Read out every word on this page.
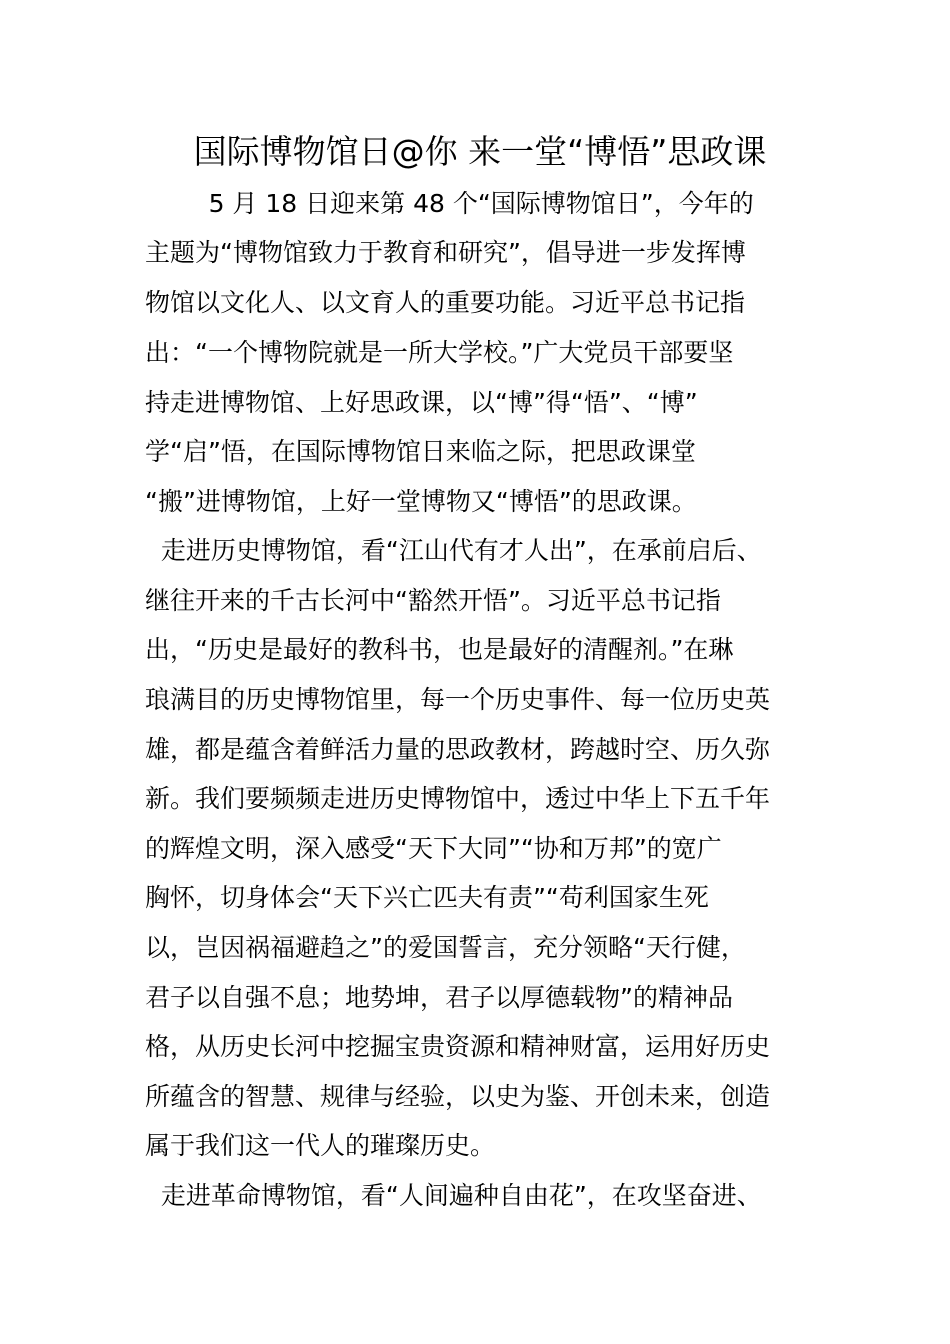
国际博物馆日@你 来一堂“博悟”思政课

5 月 18 日迎来第 48 个“国际博物馆日”，今年的

主题为“博物馆致力于教育和研究”，倡导进一步发挥博

物馆以文化人、以文育人的重要功能。习近平总书记指

出：“一个博物院就是一所大学校。”广大党员干部要坚

持走进博物馆、上好思政课，以“博”得“悟”、“博”

学“启”悟，在国际博物馆日来临之际，把思政课堂

“搬”进博物馆，上好一堂博物又“博悟”的思政课。

走进历史博物馆，看“江山代有才人出”，在承前启后、

继往开来的千古长河中“豁然开悟”。习近平总书记指

出，“历史是最好的教科书，也是最好的清醒剂。”在琳

琅满目的历史博物馆里，每一个历史事件、每一位历史英

雄，都是蕴含着鲜活力量的思政教材，跨越时空、历久弥

新。我们要频频走进历史博物馆中，透过中华上下五千年

的辉煌文明，深入感受“天下大同”“协和万邦”的宽广

胸怀，切身体会“天下兴亡匹夫有责”“苟利国家生死

以，岂因祸福避趋之”的爱国誓言，充分领略“天行健，

君子以自强不息；地势坤，君子以厚德载物”的精神品

格，从历史长河中挖掘宝贵资源和精神财富，运用好历史

所蕴含的智慧、规律与经验，以史为鉴、开创未来，创造

属于我们这一代人的璀璨历史。

走进革命博物馆，看“人间遍种自由花”，在攻坚奋进、
